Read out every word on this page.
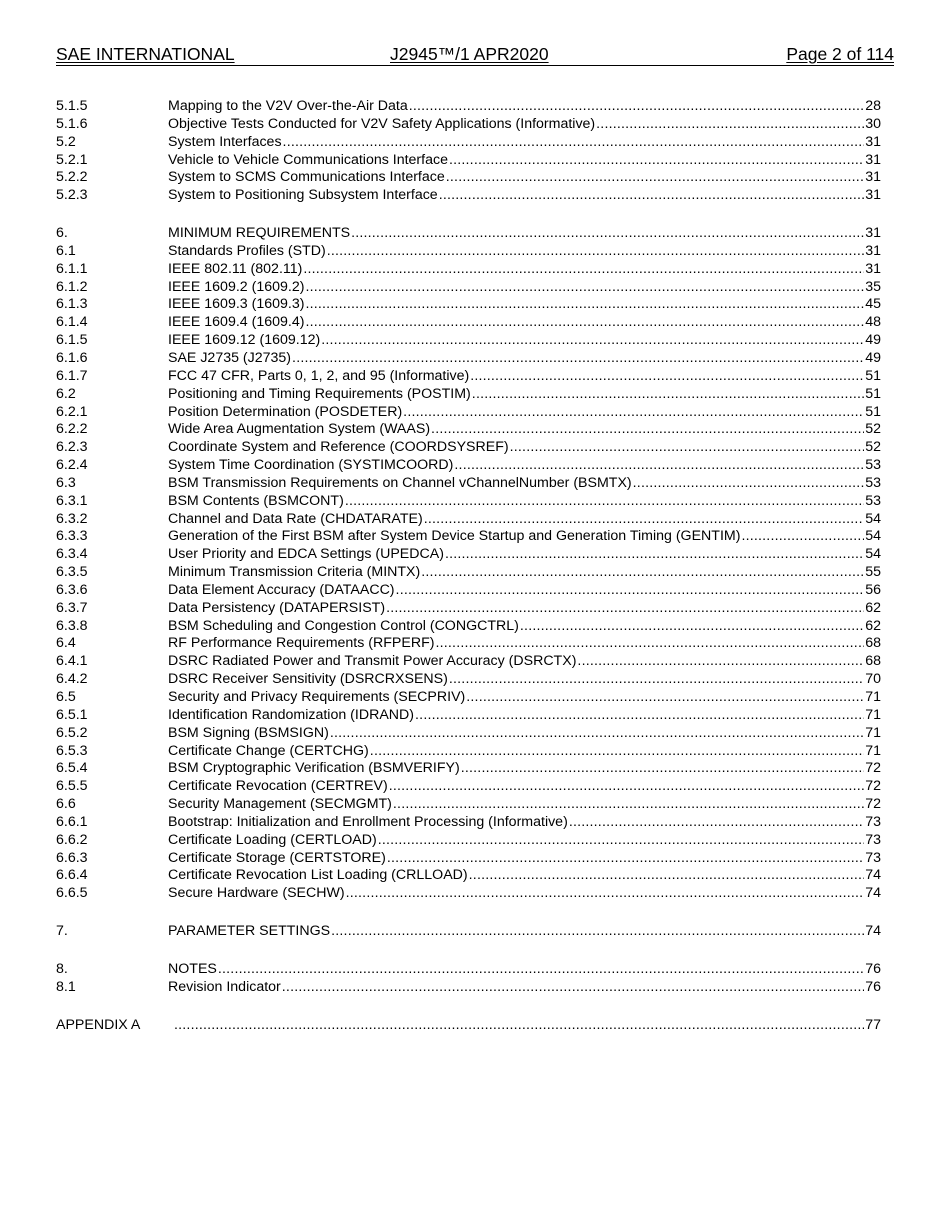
SAE INTERNATIONAL	J2945™/1 APR2020	Page 2 of 114
5.1.5	Mapping to the V2V Over-the-Air Data .....	28
5.1.6	Objective Tests Conducted for V2V Safety Applications (Informative) .....	30
5.2	System Interfaces .....	31
5.2.1	Vehicle to Vehicle Communications Interface .....	31
5.2.2	System to SCMS Communications Interface .....	31
5.2.3	System to Positioning Subsystem Interface .....	31
6.	MINIMUM REQUIREMENTS .....	31
6.1	Standards Profiles (STD) .....	31
6.1.1	IEEE 802.11 (802.11) .....	31
6.1.2	IEEE 1609.2 (1609.2) .....	35
6.1.3	IEEE 1609.3 (1609.3) .....	45
6.1.4	IEEE 1609.4 (1609.4) .....	48
6.1.5	IEEE 1609.12 (1609.12) .....	49
6.1.6	SAE J2735 (J2735) .....	49
6.1.7	FCC 47 CFR, Parts 0, 1, 2, and 95 (Informative) .....	51
6.2	Positioning and Timing Requirements (POSTIM) .....	51
6.2.1	Position Determination (POSDETER) .....	51
6.2.2	Wide Area Augmentation System (WAAS) .....	52
6.2.3	Coordinate System and Reference (COORDSYSREF) .....	52
6.2.4	System Time Coordination (SYSTIMCOORD) .....	53
6.3	BSM Transmission Requirements on Channel vChannelNumber (BSMTX) .....	53
6.3.1	BSM Contents (BSMCONT) .....	53
6.3.2	Channel and Data Rate (CHDATARATE) .....	54
6.3.3	Generation of the First BSM after System Device Startup and Generation Timing (GENTIM) .....	54
6.3.4	User Priority and EDCA Settings (UPEDCA) .....	54
6.3.5	Minimum Transmission Criteria (MINTX) .....	55
6.3.6	Data Element Accuracy (DATAACC) .....	56
6.3.7	Data Persistency (DATAPERSIST) .....	62
6.3.8	BSM Scheduling and Congestion Control (CONGCTRL) .....	62
6.4	RF Performance Requirements (RFPERF) .....	68
6.4.1	DSRC Radiated Power and Transmit Power Accuracy (DSRCTX) .....	68
6.4.2	DSRC Receiver Sensitivity (DSRCRXSENS) .....	70
6.5	Security and Privacy Requirements (SECPRIV) .....	71
6.5.1	Identification Randomization (IDRAND) .....	71
6.5.2	BSM Signing (BSMSIGN) .....	71
6.5.3	Certificate Change (CERTCHG) .....	71
6.5.4	BSM Cryptographic Verification (BSMVERIFY) .....	72
6.5.5	Certificate Revocation (CERTREV) .....	72
6.6	Security Management (SECMGMT) .....	72
6.6.1	Bootstrap: Initialization and Enrollment Processing (Informative) .....	73
6.6.2	Certificate Loading (CERTLOAD) .....	73
6.6.3	Certificate Storage (CERTSTORE) .....	73
6.6.4	Certificate Revocation List Loading (CRLLOAD) .....	74
6.6.5	Secure Hardware (SECHW) .....	74
7.	PARAMETER SETTINGS .....	74
8.	NOTES .....	76
8.1	Revision Indicator .....	76
APPENDIX A .....	77
